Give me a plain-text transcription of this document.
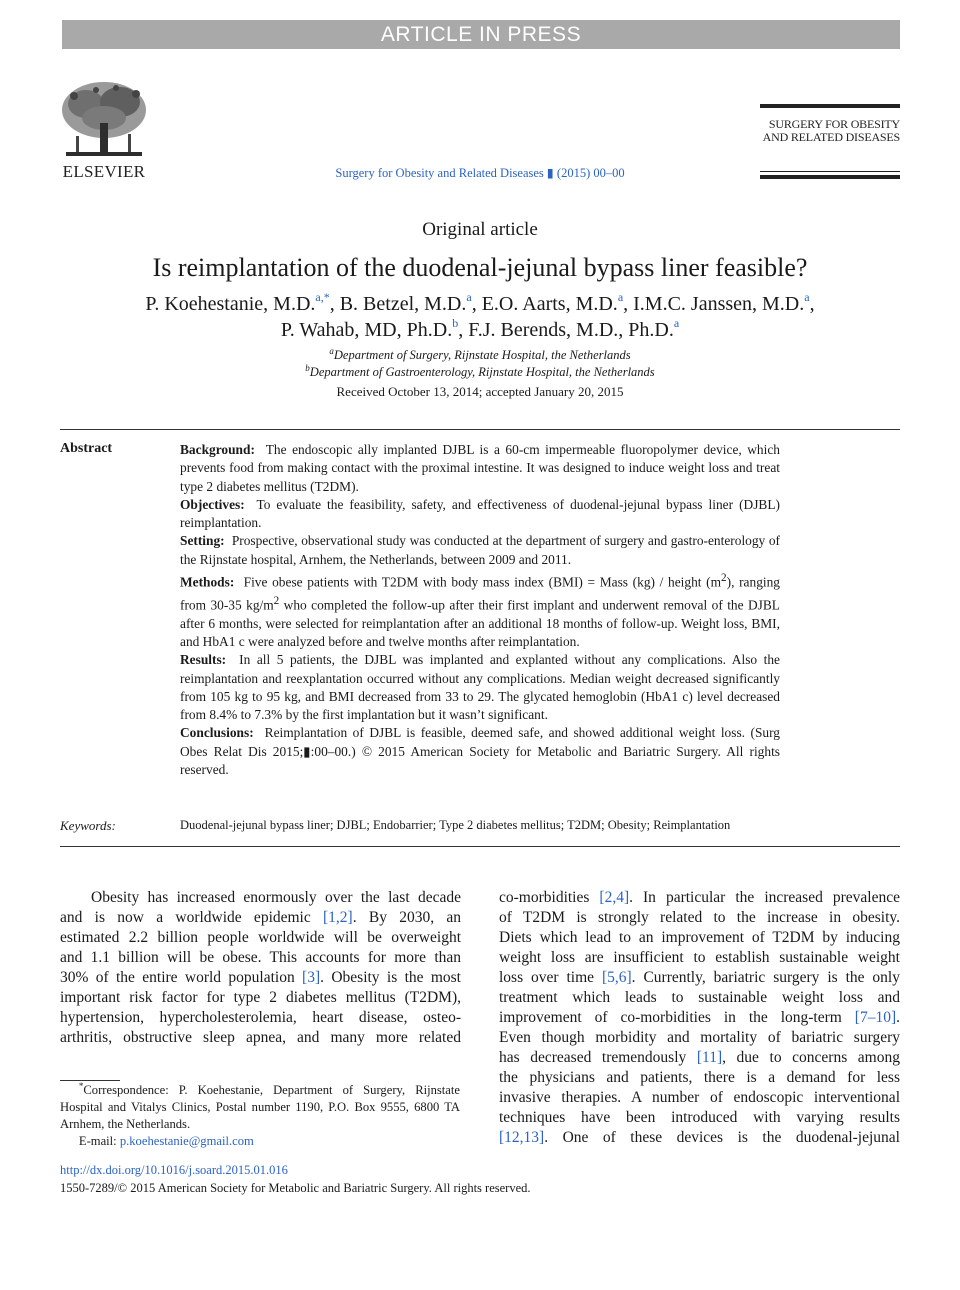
ARTICLE IN PRESS
ELSEVIER	Surgery for Obesity and Related Diseases ▮ (2015) 00–00
SURGERY FOR OBESITY
AND RELATED DISEASES
Original article
Is reimplantation of the duodenal-jejunal bypass liner feasible?
P. Koehestanie, M.D.$^{a,*}$, B. Betzel, M.D.$^a$, E.O. Aarts, M.D.$^a$, I.M.C. Janssen, M.D.$^a$,
P. Wahab, MD, Ph.D.$^b$, F.J. Berends, M.D., Ph.D.$^a$
$^a$Department of Surgery, Rijnstate Hospital, the Netherlands
$^b$Department of Gastroenterology, Rijnstate Hospital, the Netherlands
Received October 13, 2014; accepted January 20, 2015
Abstract	Background: The endoscopic ally implanted DJBL is a 60-cm impermeable fluoropolymer device, which prevents food from making contact with the proximal intestine. It was designed to induce weight loss and treat type 2 diabetes mellitus (T2DM).

Objectives: To evaluate the feasibility, safety, and effectiveness of duodenal-jejunal bypass liner (DJBL) reimplantation.

Setting: Prospective, observational study was conducted at the department of surgery and gastro-enterology of the Rijnstate hospital, Arnhem, the Netherlands, between 2009 and 2011.

Methods: Five obese patients with T2DM with body mass index (BMI) = Mass (kg) / height $(m^2)$, ranging from 30-35 $kg/m^2$ who completed the follow-up after their first implant and underwent removal of the DJBL after 6 months, were selected for reimplantation after an additional 18 months of follow-up. Weight loss, BMI, and HbA1 c were analyzed before and twelve months after reimplantation.

Results: In all 5 patients, the DJBL was implanted and explanted without any complications. Also the reimplantation and reexplantation occurred without any complications. Median weight decreased significantly from 105 kg to 95 kg, and BMI decreased from 33 to 29. The glycated hemoglobin (HbA1 c) level decreased from 8.4% to 7.3% by the first implantation but it wasn’t significant.

Conclusions: Reimplantation of DJBL is feasible, deemed safe, and showed additional weight loss. (Surg Obes Relat Dis 2015;▮:00–00.) © 2015 American Society for Metabolic and Bariatric Surgery. All rights reserved.

Keywords:	Duodenal-jejunal bypass liner; DJBL; Endobarrier; Type 2 diabetes mellitus; T2DM; Obesity; Reimplantation
  Obesity has increased enormously over the last decade
and is now a worldwide epidemic [1,2]. By 2030, an
estimated 2.2 billion people worldwide will be overweight
and 1.1 billion will be obese. This accounts for more than
30% of the entire world population [3]. Obesity is the most
important risk factor for type 2 diabetes mellitus (T2DM),
hypertension, hypercholesterolemia, heart disease, osteo-
arthritis, obstructive sleep apnea, and many more related
co-morbidities [2,4]. In particular the increased prevalence
of T2DM is strongly related to the increase in obesity.
Diets which lead to an improvement of T2DM by inducing
weight loss are insufficient to establish sustainable weight
loss over time [5,6]. Currently, bariatric surgery is the only
treatment which leads to sustainable weight loss and
improvement of co-morbidities in the long-term [7–10].
Even though morbidity and mortality of bariatric surgery
has decreased tremendously [11], due to concerns among
the physicians and patients, there is a demand for less
invasive therapies. A number of endoscopic interventional
techniques have been introduced with varying results
[12,13]. One of these devices is the duodenal-jejunal

  *Correspondence: P. Koehestanie, Department of Surgery, Rijnstate Hospital and Vitalys Clinics, Postal number 1190, P.O. Box 9555, 6800 TA Arnhem, the Netherlands.

  E-mail: p.koehestanie@gmail.com

http://dx.doi.org/10.1016/j.soard.2015.01.016
1550-7289/© 2015 American Society for Metabolic and Bariatric Surgery. All rights reserved.
